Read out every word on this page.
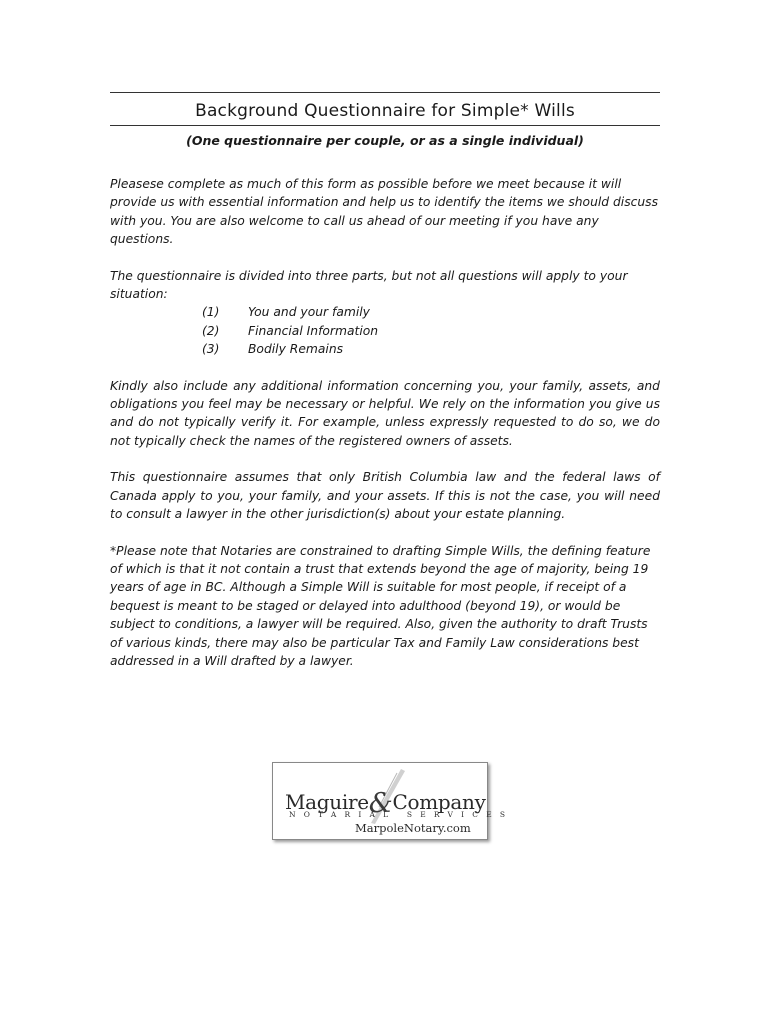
Background Questionnaire for Simple* Wills
(One questionnaire per couple, or as a single individual)

Pleasese complete as much of this form as possible before we meet because it will provide us with essential information and help us to identify the items we should discuss with you. You are also welcome to call us ahead of our meeting if you have any questions.

The questionnaire is divided into three parts, but not all questions will apply to your situation:

(1)	You and your family
(2)	Financial Information
(3)	Bodily Remains

Kindly also include any additional information concerning you, your family, assets, and obligations you feel may be necessary or helpful. We rely on the information you give us and do not typically verify it. For example, unless expressly requested to do so, we do not typically check the names of the registered owners of assets.

This questionnaire assumes that only British Columbia law and the federal laws of Canada apply to you, your family, and your assets. If this is not the case, you will need to consult a lawyer in the other jurisdiction(s) about your estate planning.

*Please note that Notaries are constrained to drafting Simple Wills, the defining feature of which is that it not contain a trust that extends beyond the age of majority, being 19 years of age in BC. Although a Simple Will is suitable for most people, if receipt of a bequest is meant to be staged or delayed into adulthood (beyond 19), or would be subject to conditions, a lawyer will be required. Also, given the authority to draft Trusts of various kinds, there may also be particular Tax and Family Law considerations best addressed in a Will drafted by a lawyer.

Maguire&Company
NOTARIAL SERVICES
MarpoleNotary.com
